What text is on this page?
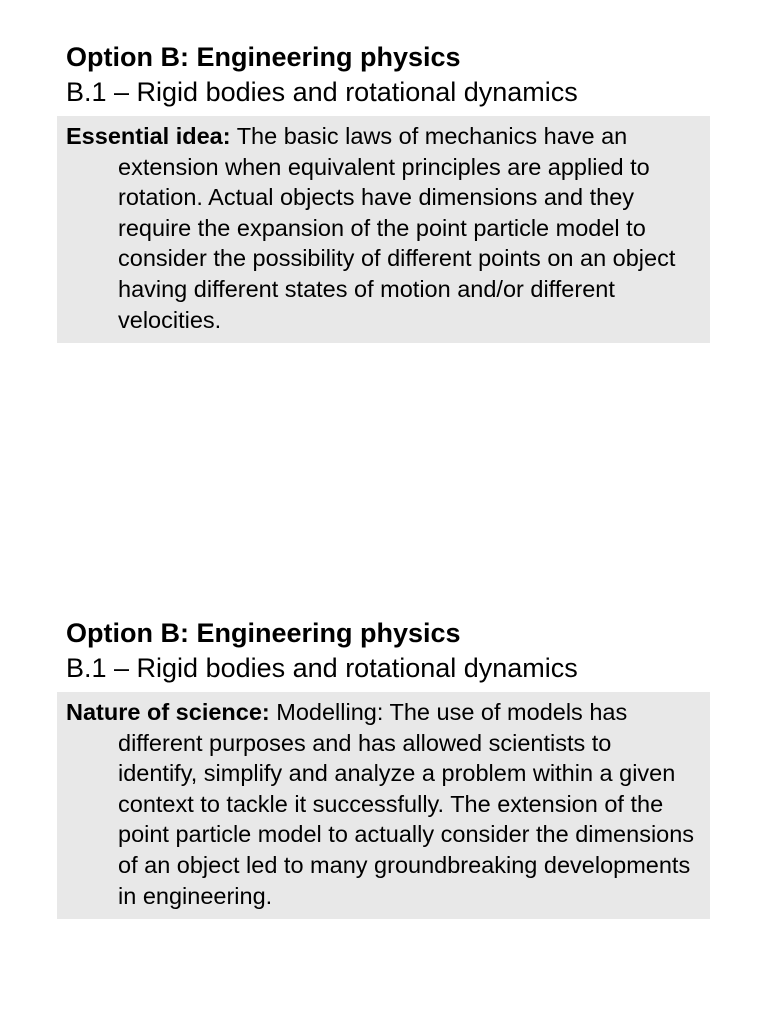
Option B: Engineering physics
B.1 – Rigid bodies and rotational dynamics

Essential idea: The basic laws of mechanics have an extension when equivalent principles are applied to rotation. Actual objects have dimensions and they require the expansion of the point particle model to consider the possibility of different points on an object having different states of motion and/or different velocities.

Option B: Engineering physics
B.1 – Rigid bodies and rotational dynamics

Nature of science: Modelling: The use of models has different purposes and has allowed scientists to identify, simplify and analyze a problem within a given context to tackle it successfully. The extension of the point particle model to actually consider the dimensions of an object led to many groundbreaking developments in engineering.
